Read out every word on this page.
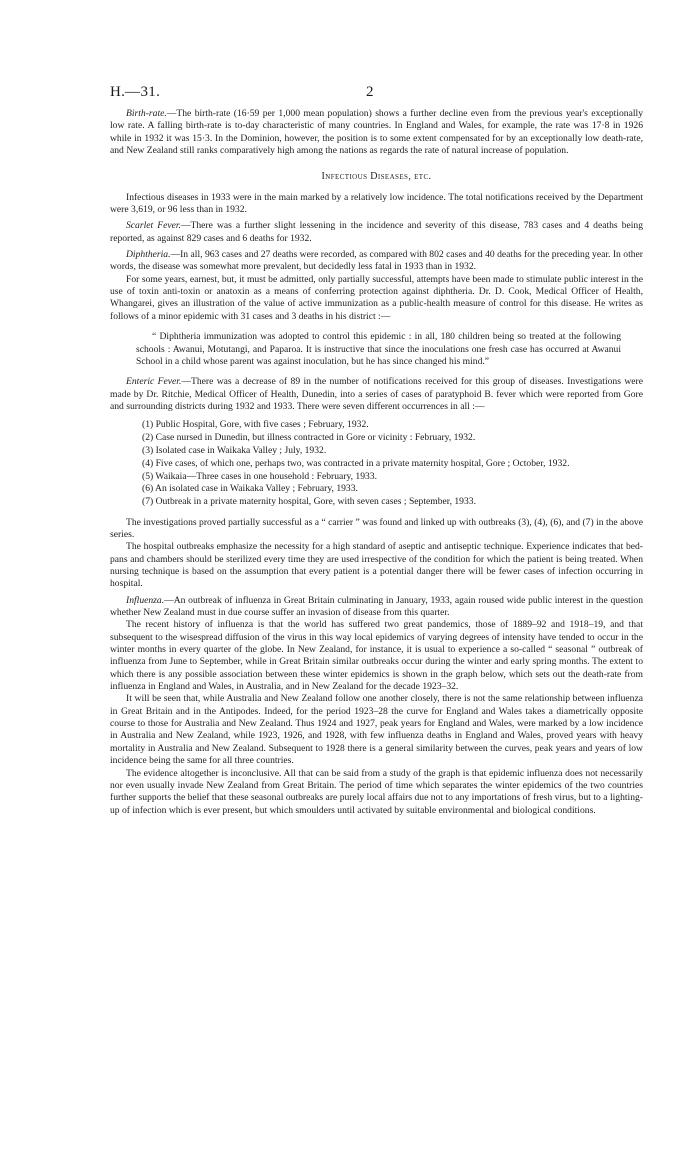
H.—31.	2

Birth-rate.—The birth-rate (16·59 per 1,000 mean population) shows a further decline even from the previous year's exceptionally low rate. A falling birth-rate is to-day characteristic of many countries. In England and Wales, for example, the rate was 17·8 in 1926 while in 1932 it was 15·3. In the Dominion, however, the position is to some extent compensated for by an exceptionally low death-rate, and New Zealand still ranks comparatively high among the nations as regards the rate of natural increase of population.

Infectious Diseases, etc.

Infectious diseases in 1933 were in the main marked by a relatively low incidence. The total notifications received by the Department were 3,619, or 96 less than in 1932.

Scarlet Fever.—There was a further slight lessening in the incidence and severity of this disease, 783 cases and 4 deaths being reported, as against 829 cases and 6 deaths for 1932.

Diphtheria.—In all, 963 cases and 27 deaths were recorded, as compared with 802 cases and 40 deaths for the preceding year. In other words, the disease was somewhat more prevalent, but decidedly less fatal in 1933 than in 1932.

For some years, earnest, but, it must be admitted, only partially successful, attempts have been made to stimulate public interest in the use of toxin anti-toxin or anatoxin as a means of conferring protection against diphtheria. Dr. D. Cook, Medical Officer of Health, Whangarei, gives an illustration of the value of active immunization as a public-health measure of control for this disease. He writes as follows of a minor epidemic with 31 cases and 3 deaths in his district :—

“ Diphtheria immunization was adopted to control this epidemic : in all, 180 children being so treated at the following schools : Awanui, Motutangi, and Paparoa. It is instructive that since the inoculations one fresh case has occurred at Awanui School in a child whose parent was against inoculation, but he has since changed his mind.”

Enteric Fever.—There was a decrease of 89 in the number of notifications received for this group of diseases. Investigations were made by Dr. Ritchie, Medical Officer of Health, Dunedin, into a series of cases of paratyphoid B. fever which were reported from Gore and surrounding districts during 1932 and 1933. There were seven different occurrences in all :—

(1) Public Hospital, Gore, with five cases ; February, 1932.
(2) Case nursed in Dunedin, but illness contracted in Gore or vicinity : February, 1932.
(3) Isolated case in Waikaka Valley ; July, 1932.
(4) Five cases, of which one, perhaps two, was contracted in a private maternity hospital, Gore ; October, 1932.
(5) Waikaia—Three cases in one household : February, 1933.
(6) An isolated case in Waikaka Valley ; February, 1933.
(7) Outbreak in a private maternity hospital, Gore, with seven cases ; September, 1933.

The investigations proved partially successful as a “ carrier ” was found and linked up with outbreaks (3), (4), (6), and (7) in the above series.

The hospital outbreaks emphasize the necessity for a high standard of aseptic and antiseptic technique. Experience indicates that bed-pans and chambers should be sterilized every time they are used irrespective of the condition for which the patient is being treated. When nursing technique is based on the assumption that every patient is a potential danger there will be fewer cases of infection occurring in hospital.

Influenza.—An outbreak of influenza in Great Britain culminating in January, 1933, again roused wide public interest in the question whether New Zealand must in due course suffer an invasion of disease from this quarter.

The recent history of influenza is that the world has suffered two great pandemics, those of 1889–92 and 1918–19, and that subsequent to the wisespread diffusion of the virus in this way local epidemics of varying degrees of intensity have tended to occur in the winter months in every quarter of the globe. In New Zealand, for instance, it is usual to experience a so-called “ seasonal ” outbreak of influenza from June to September, while in Great Britain similar outbreaks occur during the winter and early spring months. The extent to which there is any possible association between these winter epidemics is shown in the graph below, which sets out the death-rate from influenza in England and Wales, in Australia, and in New Zealand for the decade 1923–32.

It will be seen that, while Australia and New Zealand follow one another closely, there is not the same relationship between influenza in Great Britain and in the Antipodes. Indeed, for the period 1923–28 the curve for England and Wales takes a diametrically opposite course to those for Australia and New Zealand. Thus 1924 and 1927, peak years for England and Wales, were marked by a low incidence in Australia and New Zealand, while 1923, 1926, and 1928, with few influenza deaths in England and Wales, proved years with heavy mortality in Australia and New Zealand. Subsequent to 1928 there is a general similarity between the curves, peak years and years of low incidence being the same for all three countries.

The evidence altogether is inconclusive. All that can be said from a study of the graph is that epidemic influenza does not necessarily nor even usually invade New Zealand from Great Britain. The period of time which separates the winter epidemics of the two countries further supports the belief that these seasonal outbreaks are purely local affairs due not to any importations of fresh virus, but to a lighting-up of infection which is ever present, but which smoulders until activated by suitable environmental and biological conditions.
